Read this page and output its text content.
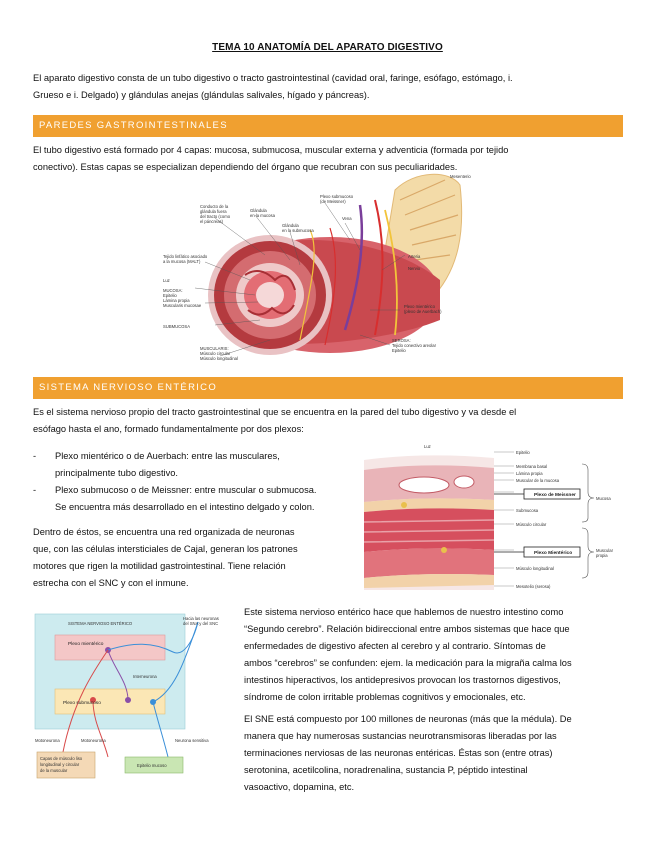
TEMA 10 ANATOMÍA DEL APARATO DIGESTIVO
El aparato digestivo consta de un tubo digestivo o tracto gastrointestinal (cavidad oral, faringe, esófago, estómago, i.
Grueso e i. Delgado) y glándulas anejas (glándulas salivales, hígado y páncreas).
PAREDES GASTROINTESTINALES
El tubo digestivo está formado por 4 capas: mucosa, submucosa, muscular externa y adventicia (formada por tejido
conectivo). Estas capas se especializan dependiendo del órgano que recubran con sus peculiaridades.
Mesenterio
Plexo submucoso
(de Meissner)
Vena
Conducto de la
glándula fuera
del tracto (como
el páncreas)
Glándula
en la mucosa
Glándula
en la submucosa
Tejido linfático asociado
a la mucosa (MALT)
Luz
MUCOSA:
Epitelio
Lámina propia
Muscularis mucosae
SUBMUCOSA
MUSCULARIS:
Músculo circular
Músculo longitudinal
Arteria
Nervio
Plexo mientérico
(plexo de Auerbach)
SEROSA:
Tejido conectivo areolar
Epitelio
SISTEMA NERVIOSO ENTÉRICO
Es el sistema nervioso propio del tracto gastrointestinal que se encuentra en la pared del tubo digestivo y va desde el
esófago hasta el ano, formado fundamentalmente por dos plexos:
- Plexo mientérico o de Auerbach: entre las musculares,
principalmente tubo digestivo.
- Plexo submucoso o de Meissner: entre muscular o submucosa.
Se encuentra más desarrollado en el intestino delgado y colon.
Dentro de éstos, se encuentra una red organizada de neuronas
que, con las células intersticiales de Cajal, generan los patrones
motores que rigen la motilidad gastrointestinal. Tiene relación
estrecha con el SNC y con el inmune.
Luz
Epitelio
Membrana basal
Lámina propia
Muscular de la mucosa
Plexo de Meissner
Submucosa
Músculo circular
Plexo Mientérico
Músculo longitudinal
Mesotelio (serosa)
Mucosa
Muscular
propia
SISTEMA NERVIOSO ENTÉRICO
Hacia las neuronas
del SNA y del SNC
Plexo mientérico
Interneurona
Plexo submucoso
Motoneurona	Motoneurona	Neurona sensitiva
Capas de músculo liso
longitudinal y circular
de la muscular
Epitelio mucoso
Este sistema nervioso entérico hace que hablemos de nuestro intestino como
“Segundo cerebro”. Relación bidireccional entre ambos sistemas que hace que
enfermedades de digestivo afecten al cerebro y al contrario. Síntomas de
ambos “cerebros” se confunden: ejem. la medicación para la migraña calma los
intestinos hiperactivos, los antidepresivos provocan los trastornos digestivos,
síndrome de colon irritable problemas cognitivos y emocionales, etc.
El SNE está compuesto por 100 millones de neuronas (más que la médula). De
manera que hay numerosas sustancias neurotransmisoras liberadas por las
terminaciones nerviosas de las neuronas entéricas. Éstas son (entre otras)
serotonina, acetilcolina, noradrenalina, sustancia P, péptido intestinal
vasoactivo, dopamina, etc.
